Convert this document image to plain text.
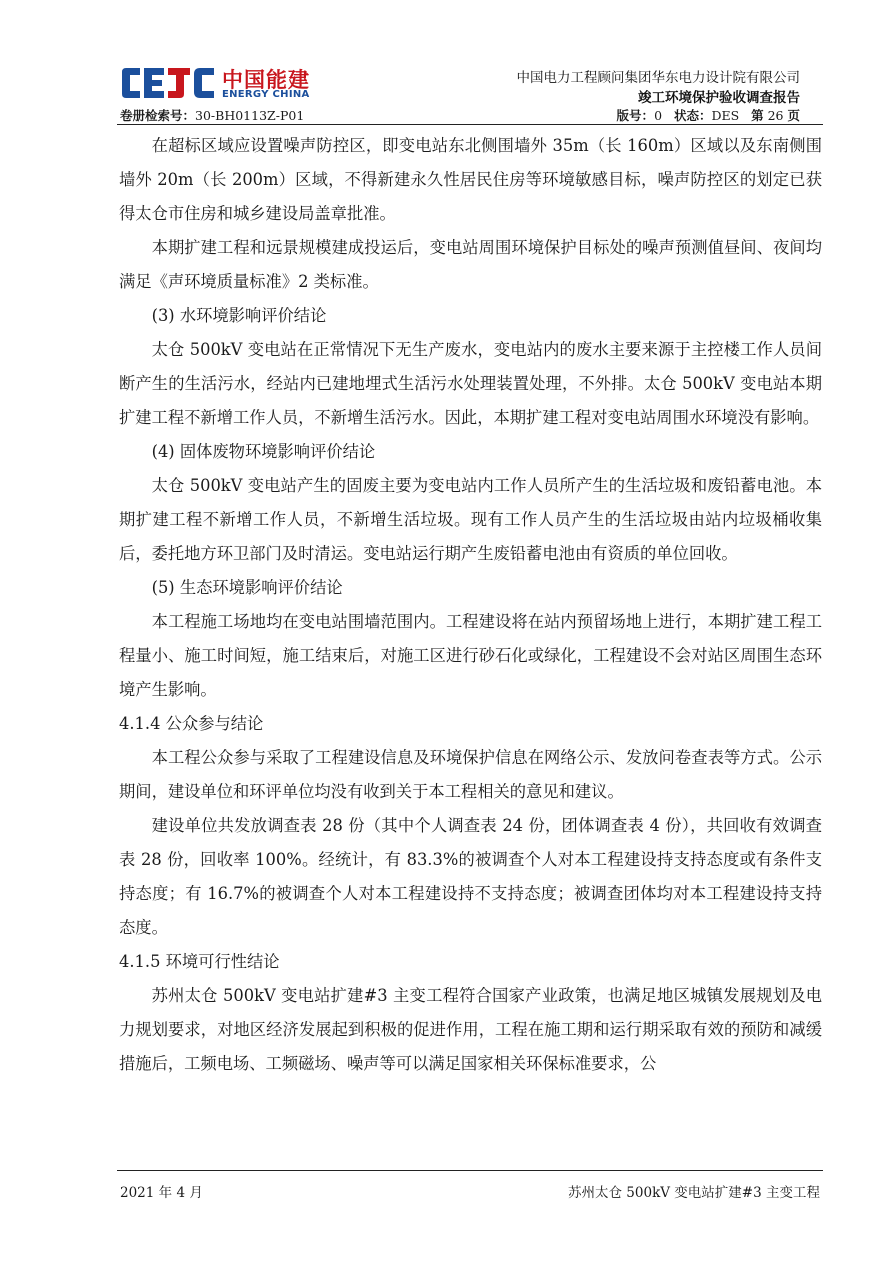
中国能建
ENERGY CHINA
中国电力工程顾问集团华东电力设计院有限公司
竣工环境保护验收调查报告
卷册检索号：30-BH0113Z-P01	版号：0 状态：DES 第 26 页

在超标区域应设置噪声防控区，即变电站东北侧围墙外 35m（长 160m）区域以及东南侧围墙外 20m（长 200m）区域，不得新建永久性居民住房等环境敏感目标，噪声防控区的划定已获得太仓市住房和城乡建设局盖章批准。

本期扩建工程和远景规模建成投运后，变电站周围环境保护目标处的噪声预测值昼间、夜间均满足《声环境质量标准》2 类标准。

(3) 水环境影响评价结论

太仓 500kV 变电站在正常情况下无生产废水，变电站内的废水主要来源于主控楼工作人员间断产生的生活污水，经站内已建地埋式生活污水处理装置处理，不外排。太仓 500kV 变电站本期扩建工程不新增工作人员，不新增生活污水。因此，本期扩建工程对变电站周围水环境没有影响。

(4) 固体废物环境影响评价结论

太仓 500kV 变电站产生的固废主要为变电站内工作人员所产生的生活垃圾和废铅蓄电池。本期扩建工程不新增工作人员，不新增生活垃圾。现有工作人员产生的生活垃圾由站内垃圾桶收集后，委托地方环卫部门及时清运。变电站运行期产生废铅蓄电池由有资质的单位回收。

(5) 生态环境影响评价结论

本工程施工场地均在变电站围墙范围内。工程建设将在站内预留场地上进行，本期扩建工程工程量小、施工时间短，施工结束后，对施工区进行砂石化或绿化，工程建设不会对站区周围生态环境产生影响。

4.1.4 公众参与结论

本工程公众参与采取了工程建设信息及环境保护信息在网络公示、发放问卷查表等方式。公示期间，建设单位和环评单位均没有收到关于本工程相关的意见和建议。

建设单位共发放调查表 28 份（其中个人调查表 24 份，团体调查表 4 份），共回收有效调查表 28 份，回收率 100%。经统计，有 83.3%的被调查个人对本工程建设持支持态度或有条件支持态度；有 16.7%的被调查个人对本工程建设持不支持态度；被调查团体均对本工程建设持支持态度。

4.1.5 环境可行性结论

苏州太仓 500kV 变电站扩建#3 主变工程符合国家产业政策，也满足地区城镇发展规划及电力规划要求，对地区经济发展起到积极的促进作用，工程在施工期和运行期采取有效的预防和减缓措施后，工频电场、工频磁场、噪声等可以满足国家相关环保标准要求，公

2021 年 4 月	苏州太仓 500kV 变电站扩建#3 主变工程
